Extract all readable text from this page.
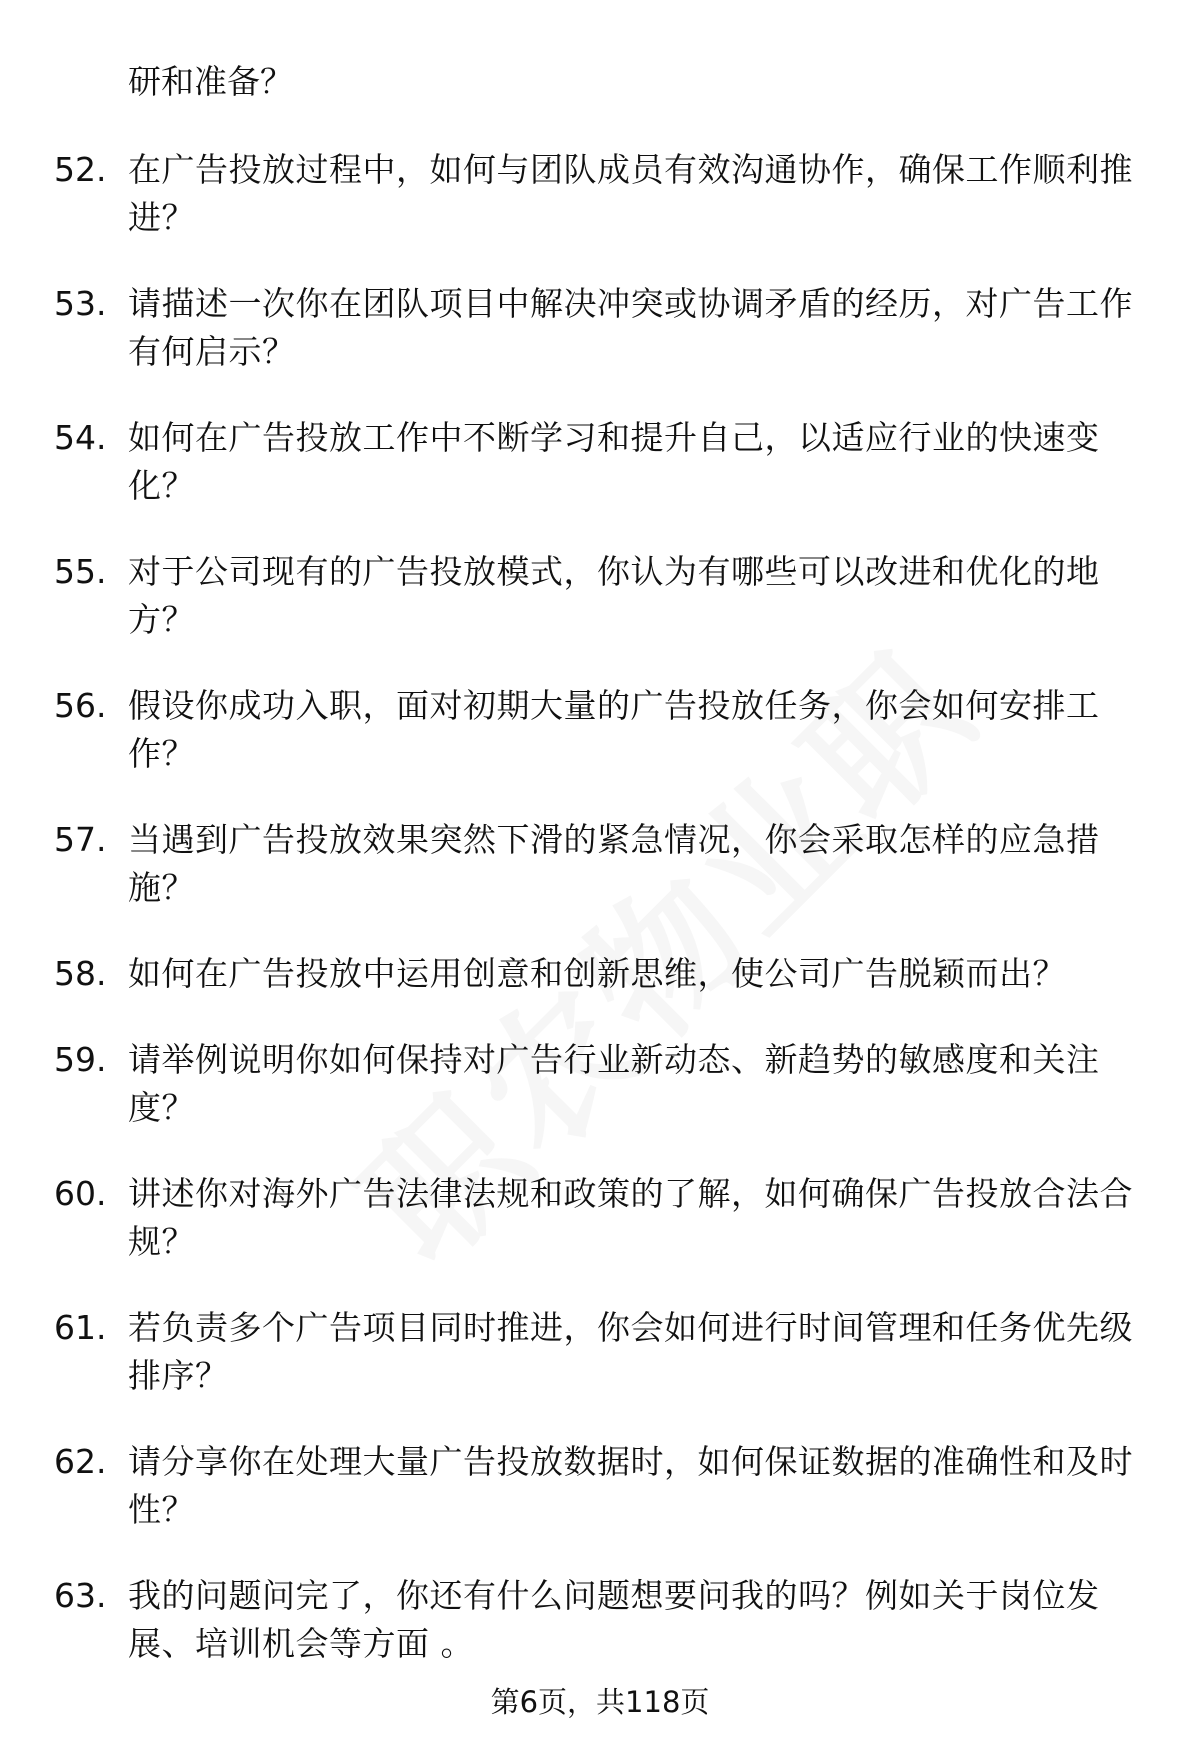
研和准备？
52. 在广告投放过程中，如何与团队成员有效沟通协作，确保工作顺利推进？
53. 请描述一次你在团队项目中解决冲突或协调矛盾的经历，对广告工作有何启示？
54. 如何在广告投放工作中不断学习和提升自己，以适应行业的快速变化？
55. 对于公司现有的广告投放模式，你认为有哪些可以改进和优化的地方？
56. 假设你成功入职，面对初期大量的广告投放任务，你会如何安排工作？
57. 当遇到广告投放效果突然下滑的紧急情况，你会采取怎样的应急措施？
58. 如何在广告投放中运用创意和创新思维，使公司广告脱颖而出？
59. 请举例说明你如何保持对广告行业新动态、新趋势的敏感度和关注度？
60. 讲述你对海外广告法律法规和政策的了解，如何确保广告投放合法合规？
61. 若负责多个广告项目同时推进，你会如何进行时间管理和任务优先级排序？
62. 请分享你在处理大量广告投放数据时，如何保证数据的准确性和及时性？
63. 我的问题问完了，你还有什么问题想要问我的吗？例如关于岗位发展、培训机会等方面 。
第6页，共118页
